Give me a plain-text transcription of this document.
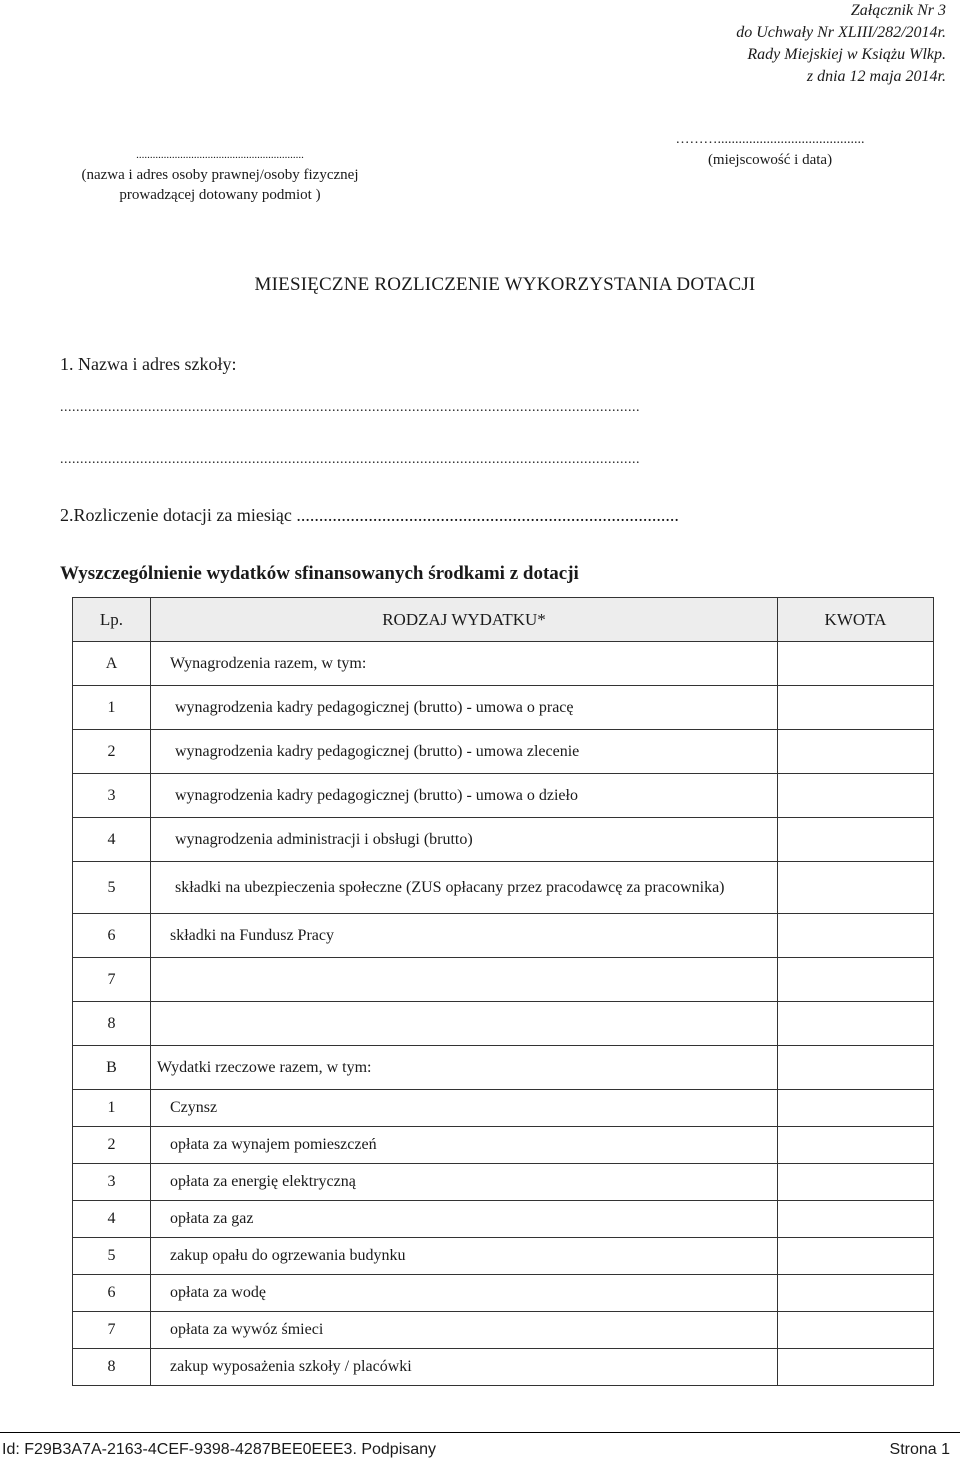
Załącznik Nr 3
do Uchwały Nr XLIII/282/2014r.
Rady Miejskiej w Książu Wlkp.
z dnia 12 maja 2014r.
.............................................................
(nazwa i adres osoby prawnej/osoby fizycznej
prowadzącej dotowany podmiot )
………..........................................
(miejscowość i data)
MIESIĘCZNE ROZLICZENIE WYKORZYSTANIA DOTACJI
1. Nazwa i adres szkoły:
.................................................................................................................................................
.................................................................................................................................................
2.Rozliczenie dotacji za miesiąc .....................................................................................
Wyszczególnienie wydatków sfinansowanych środkami z dotacji
Lp.	RODZAJ WYDATKU*	KWOTA
A	Wynagrodzenia razem, w tym:	
1	wynagrodzenia kadry pedagogicznej (brutto) - umowa o pracę	
2	wynagrodzenia kadry pedagogicznej (brutto) - umowa zlecenie	
3	wynagrodzenia kadry pedagogicznej (brutto) - umowa o dzieło	
4	wynagrodzenia administracji i obsługi (brutto)	
5	składki na ubezpieczenia społeczne (ZUS opłacany przez pracodawcę za pracownika)	
6	składki na Fundusz Pracy	
7		
8		
B	Wydatki rzeczowe razem, w tym:	
1	Czynsz	
2	opłata za wynajem pomieszczeń	
3	opłata za energię elektryczną	
4	opłata za gaz	
5	zakup opału do ogrzewania budynku	
6	opłata za wodę	
7	opłata za wywóz śmieci	
8	zakup wyposażenia szkoły / placówki	
Id: F29B3A7A-2163-4CEF-9398-4287BEE0EEE3. Podpisany	Strona 1
